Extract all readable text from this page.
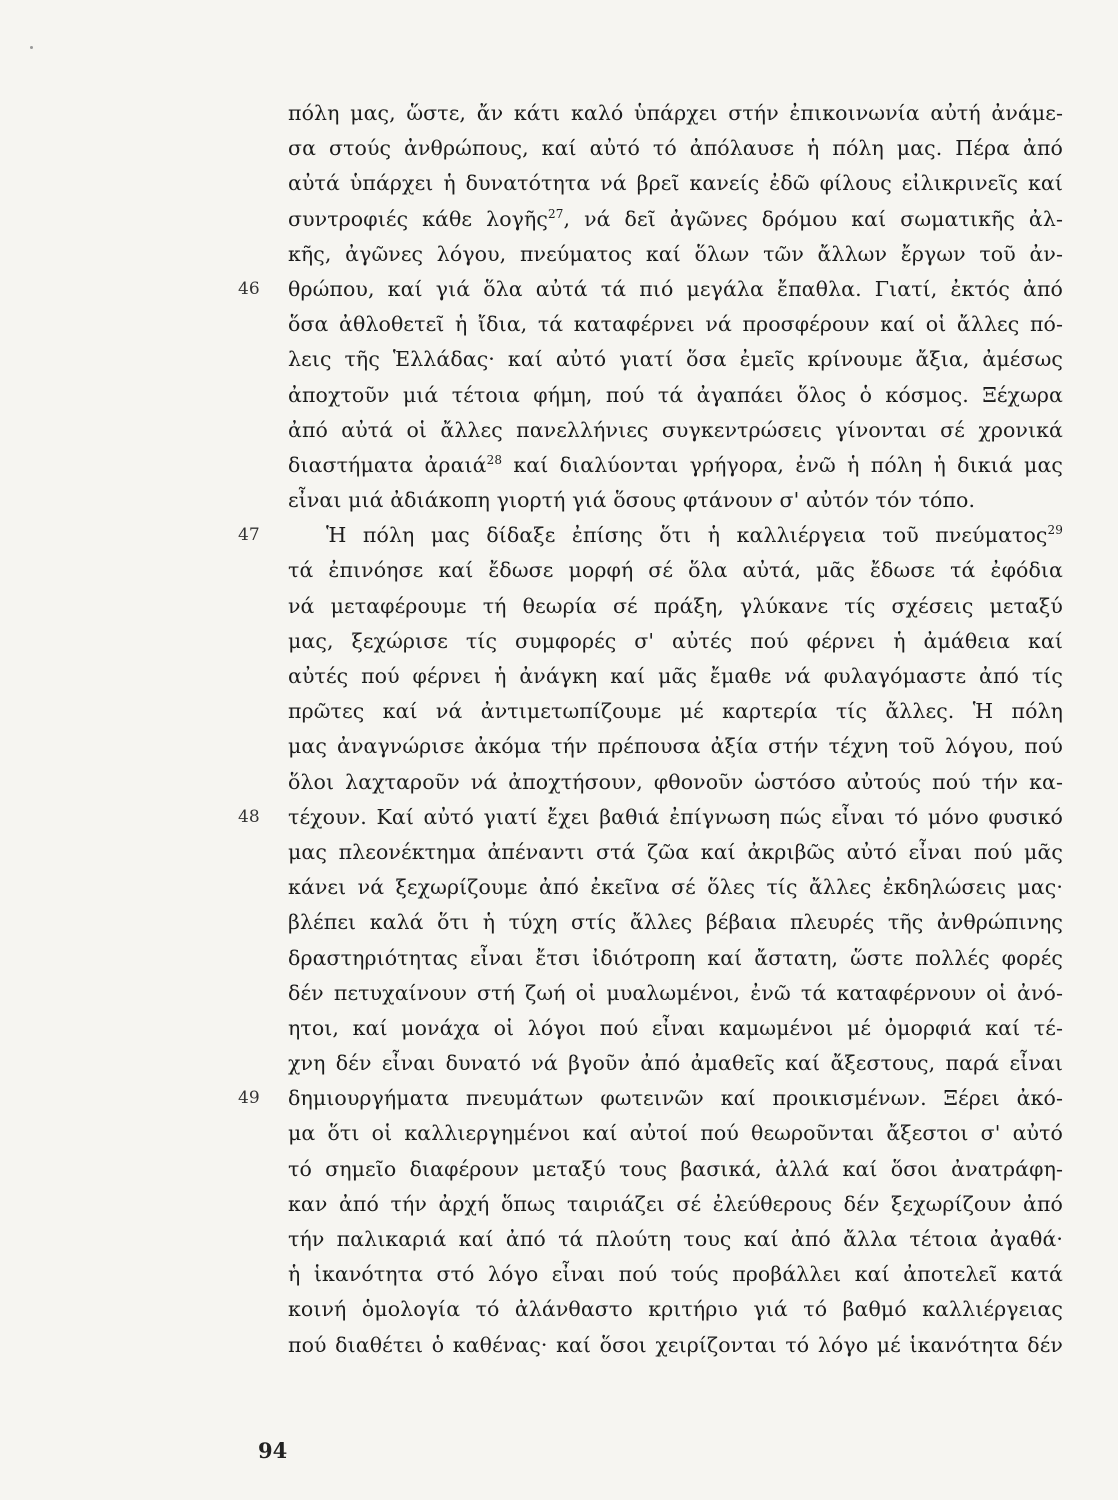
πόλη μας, ὥστε, ἄν κάτι καλό ὑπάρχει στήν ἐπικοινωνία αὐτή ἀνάμε-
σα στούς ἀνθρώπους, καί αὐτό τό ἀπόλαυσε ἡ πόλη μας. Πέρα ἀπό
αὐτά ὑπάρχει ἡ δυνατότητα νά βρεῖ κανείς ἐδῶ φίλους εἰλικρινεῖς καί
συντροφιές κάθε λογῆς$^{27}$, νά δεῖ ἀγῶνες δρόμου καί σωματικῆς ἀλ-
κῆς, ἀγῶνες λόγου, πνεύματος καί ὅλων τῶν ἄλλων ἔργων τοῦ ἀν-
θρώπου, καί γιά ὅλα αὐτά τά πιό μεγάλα ἔπαθλα. Γιατί, ἐκτός ἀπό
46
ὅσα ἀθλοθετεῖ ἡ ἴδια, τά καταφέρνει νά προσφέρουν καί οἱ ἄλλες πό-
λεις τῆς Ἑλλάδας· καί αὐτό γιατί ὅσα ἐμεῖς κρίνουμε ἄξια, ἀμέσως
ἀποχτοῦν μιά τέτοια φήμη, πού τά ἀγαπάει ὅλος ὁ κόσμος. Ξέχωρα
ἀπό αὐτά οἱ ἄλλες πανελλήνιες συγκεντρώσεις γίνονται σέ χρονικά
διαστήματα ἀραιά$^{28}$ καί διαλύονται γρήγορα, ἐνῶ ἡ πόλη ἡ δικιά μας
εἶναι μιά ἀδιάκοπη γιορτή γιά ὅσους φτάνουν σ' αὐτόν τόν τόπο.
Ἡ πόλη μας δίδαξε ἐπίσης ὅτι ἡ καλλιέργεια τοῦ πνεύματος$^{29}$
47
τά ἐπινόησε καί ἔδωσε μορφή σέ ὅλα αὐτά, μᾶς ἔδωσε τά ἐφόδια
νά μεταφέρουμε τή θεωρία σέ πράξη, γλύκανε τίς σχέσεις μεταξύ
μας, ξεχώρισε τίς συμφορές σ' αὐτές πού φέρνει ἡ ἀμάθεια καί
αὐτές πού φέρνει ἡ ἀνάγκη καί μᾶς ἔμαθε νά φυλαγόμαστε ἀπό τίς
πρῶτες καί νά ἀντιμετωπίζουμε μέ καρτερία τίς ἄλλες. Ἡ πόλη
μας ἀναγνώρισε ἀκόμα τήν πρέπουσα ἀξία στήν τέχνη τοῦ λόγου, πού
ὅλοι λαχταροῦν νά ἀποχτήσουν, φθονοῦν ὡστόσο αὐτούς πού τήν κα-
τέχουν. Καί αὐτό γιατί ἔχει βαθιά ἐπίγνωση πώς εἶναι τό μόνο φυσικό
48
μας πλεονέκτημα ἀπέναντι στά ζῶα καί ἀκριβῶς αὐτό εἶναι πού μᾶς
κάνει νά ξεχωρίζουμε ἀπό ἐκεῖνα σέ ὅλες τίς ἄλλες ἐκδηλώσεις μας·
βλέπει καλά ὅτι ἡ τύχη στίς ἄλλες βέβαια πλευρές τῆς ἀνθρώπινης
δραστηριότητας εἶναι ἔτσι ἰδιότροπη καί ἄστατη, ὥστε πολλές φορές
δέν πετυχαίνουν στή ζωή οἱ μυαλωμένοι, ἐνῶ τά καταφέρνουν οἱ ἀνό-
ητοι, καί μονάχα οἱ λόγοι πού εἶναι καμωμένοι μέ ὀμορφιά καί τέ-
χνη δέν εἶναι δυνατό νά βγοῦν ἀπό ἀμαθεῖς καί ἄξεστους, παρά εἶναι
δημιουργήματα πνευμάτων φωτεινῶν καί προικισμένων. Ξέρει ἀκό-
49
μα ὅτι οἱ καλλιεργημένοι καί αὐτοί πού θεωροῦνται ἄξεστοι σ' αὐτό
τό σημεῖο διαφέρουν μεταξύ τους βασικά, ἀλλά καί ὅσοι ἀνατράφη-
καν ἀπό τήν ἀρχή ὅπως ταιριάζει σέ ἐλεύθερους δέν ξεχωρίζουν ἀπό
τήν παλικαριά καί ἀπό τά πλούτη τους καί ἀπό ἄλλα τέτοια ἀγαθά·
ἡ ἱκανότητα στό λόγο εἶναι πού τούς προβάλλει καί ἀποτελεῖ κατά
κοινή ὁμολογία τό ἀλάνθαστο κριτήριο γιά τό βαθμό καλλιέργειας
πού διαθέτει ὁ καθένας· καί ὅσοι χειρίζονται τό λόγο μέ ἱκανότητα δέν
94
